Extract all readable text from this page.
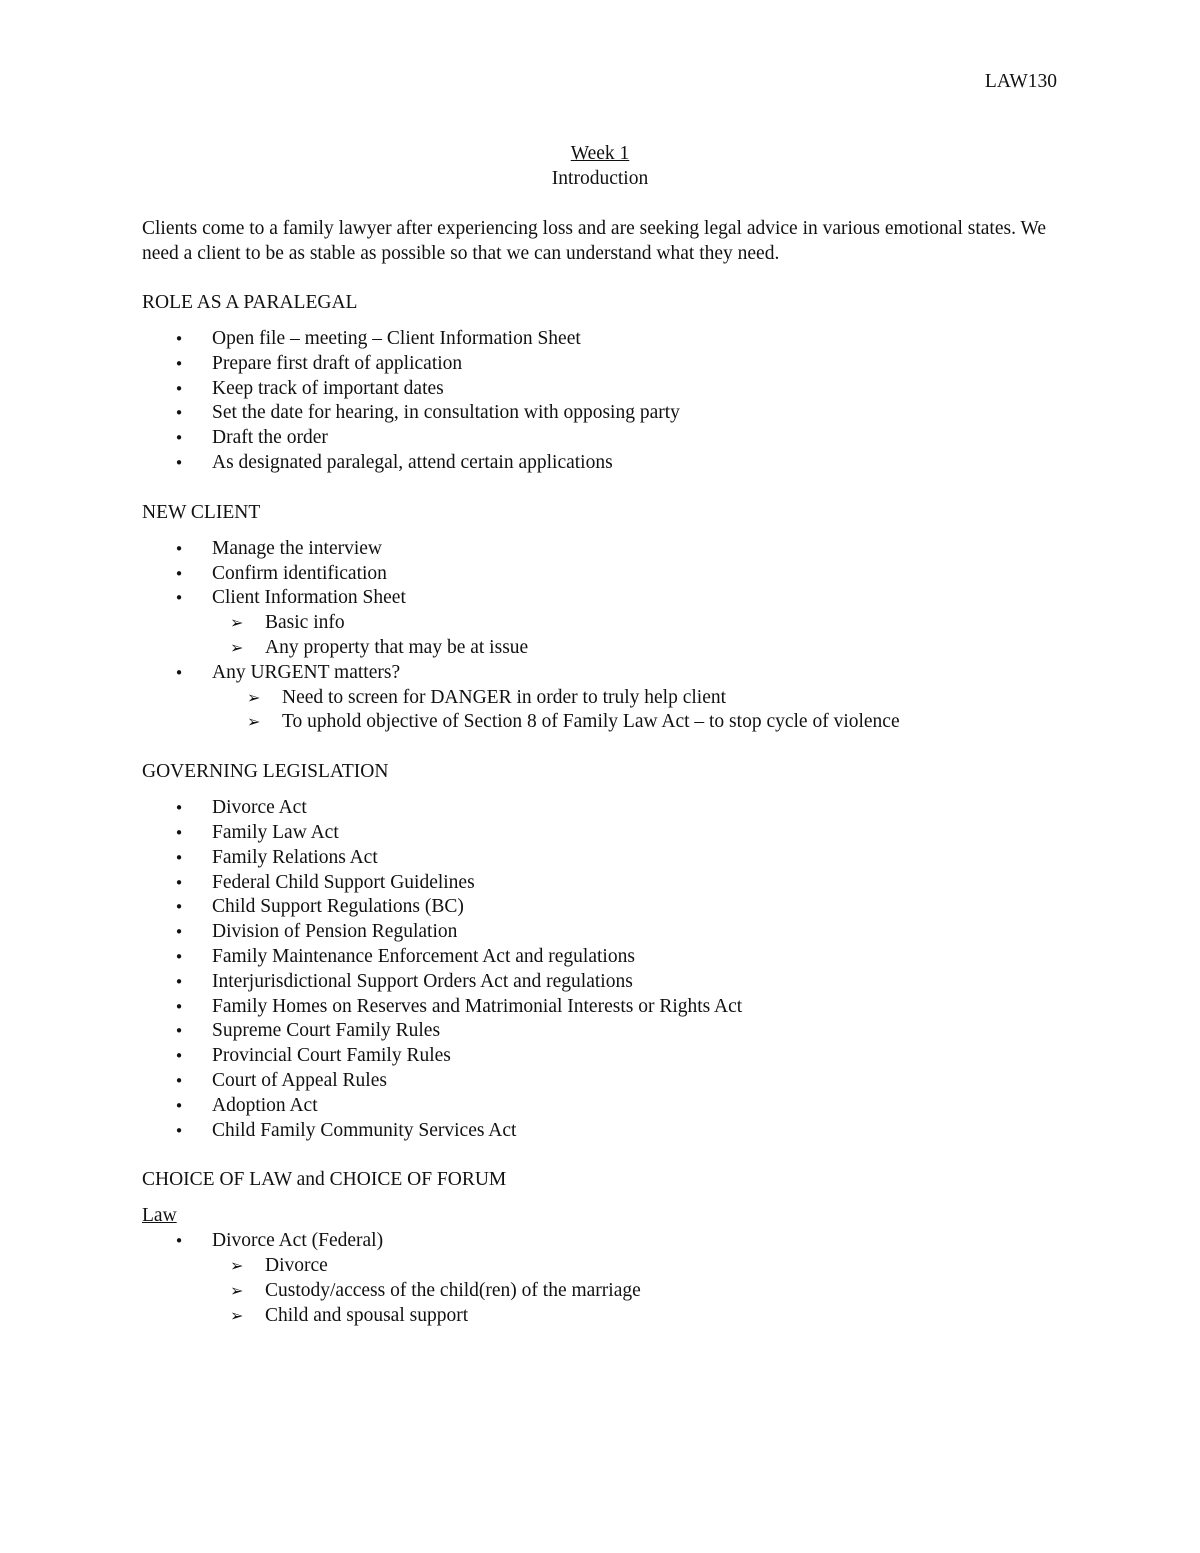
LAW130
Week 1
Introduction

Clients come to a family lawyer after experiencing loss and are seeking legal advice in various emotional states. We need a client to be as stable as possible so that we can understand what they need.

ROLE AS A PARALEGAL
• Open file – meeting – Client Information Sheet
• Prepare first draft of application
• Keep track of important dates
• Set the date for hearing, in consultation with opposing party
• Draft the order
• As designated paralegal, attend certain applications
NEW CLIENT
• Manage the interview
• Confirm identification
• Client Information Sheet
➢ Basic info
➢ Any property that may be at issue
• Any URGENT matters?
➢ Need to screen for DANGER in order to truly help client
➢ To uphold objective of Section 8 of Family Law Act – to stop cycle of violence
GOVERNING LEGISLATION
• Divorce Act
• Family Law Act
• Family Relations Act
• Federal Child Support Guidelines
• Child Support Regulations (BC)
• Division of Pension Regulation
• Family Maintenance Enforcement Act and regulations
• Interjurisdictional Support Orders Act and regulations
• Family Homes on Reserves and Matrimonial Interests or Rights Act
• Supreme Court Family Rules
• Provincial Court Family Rules
• Court of Appeal Rules
• Adoption Act
• Child Family Community Services Act
CHOICE OF LAW and CHOICE OF FORUM
Law
• Divorce Act (Federal)
➢ Divorce
➢ Custody/access of the child(ren) of the marriage
➢ Child and spousal support
